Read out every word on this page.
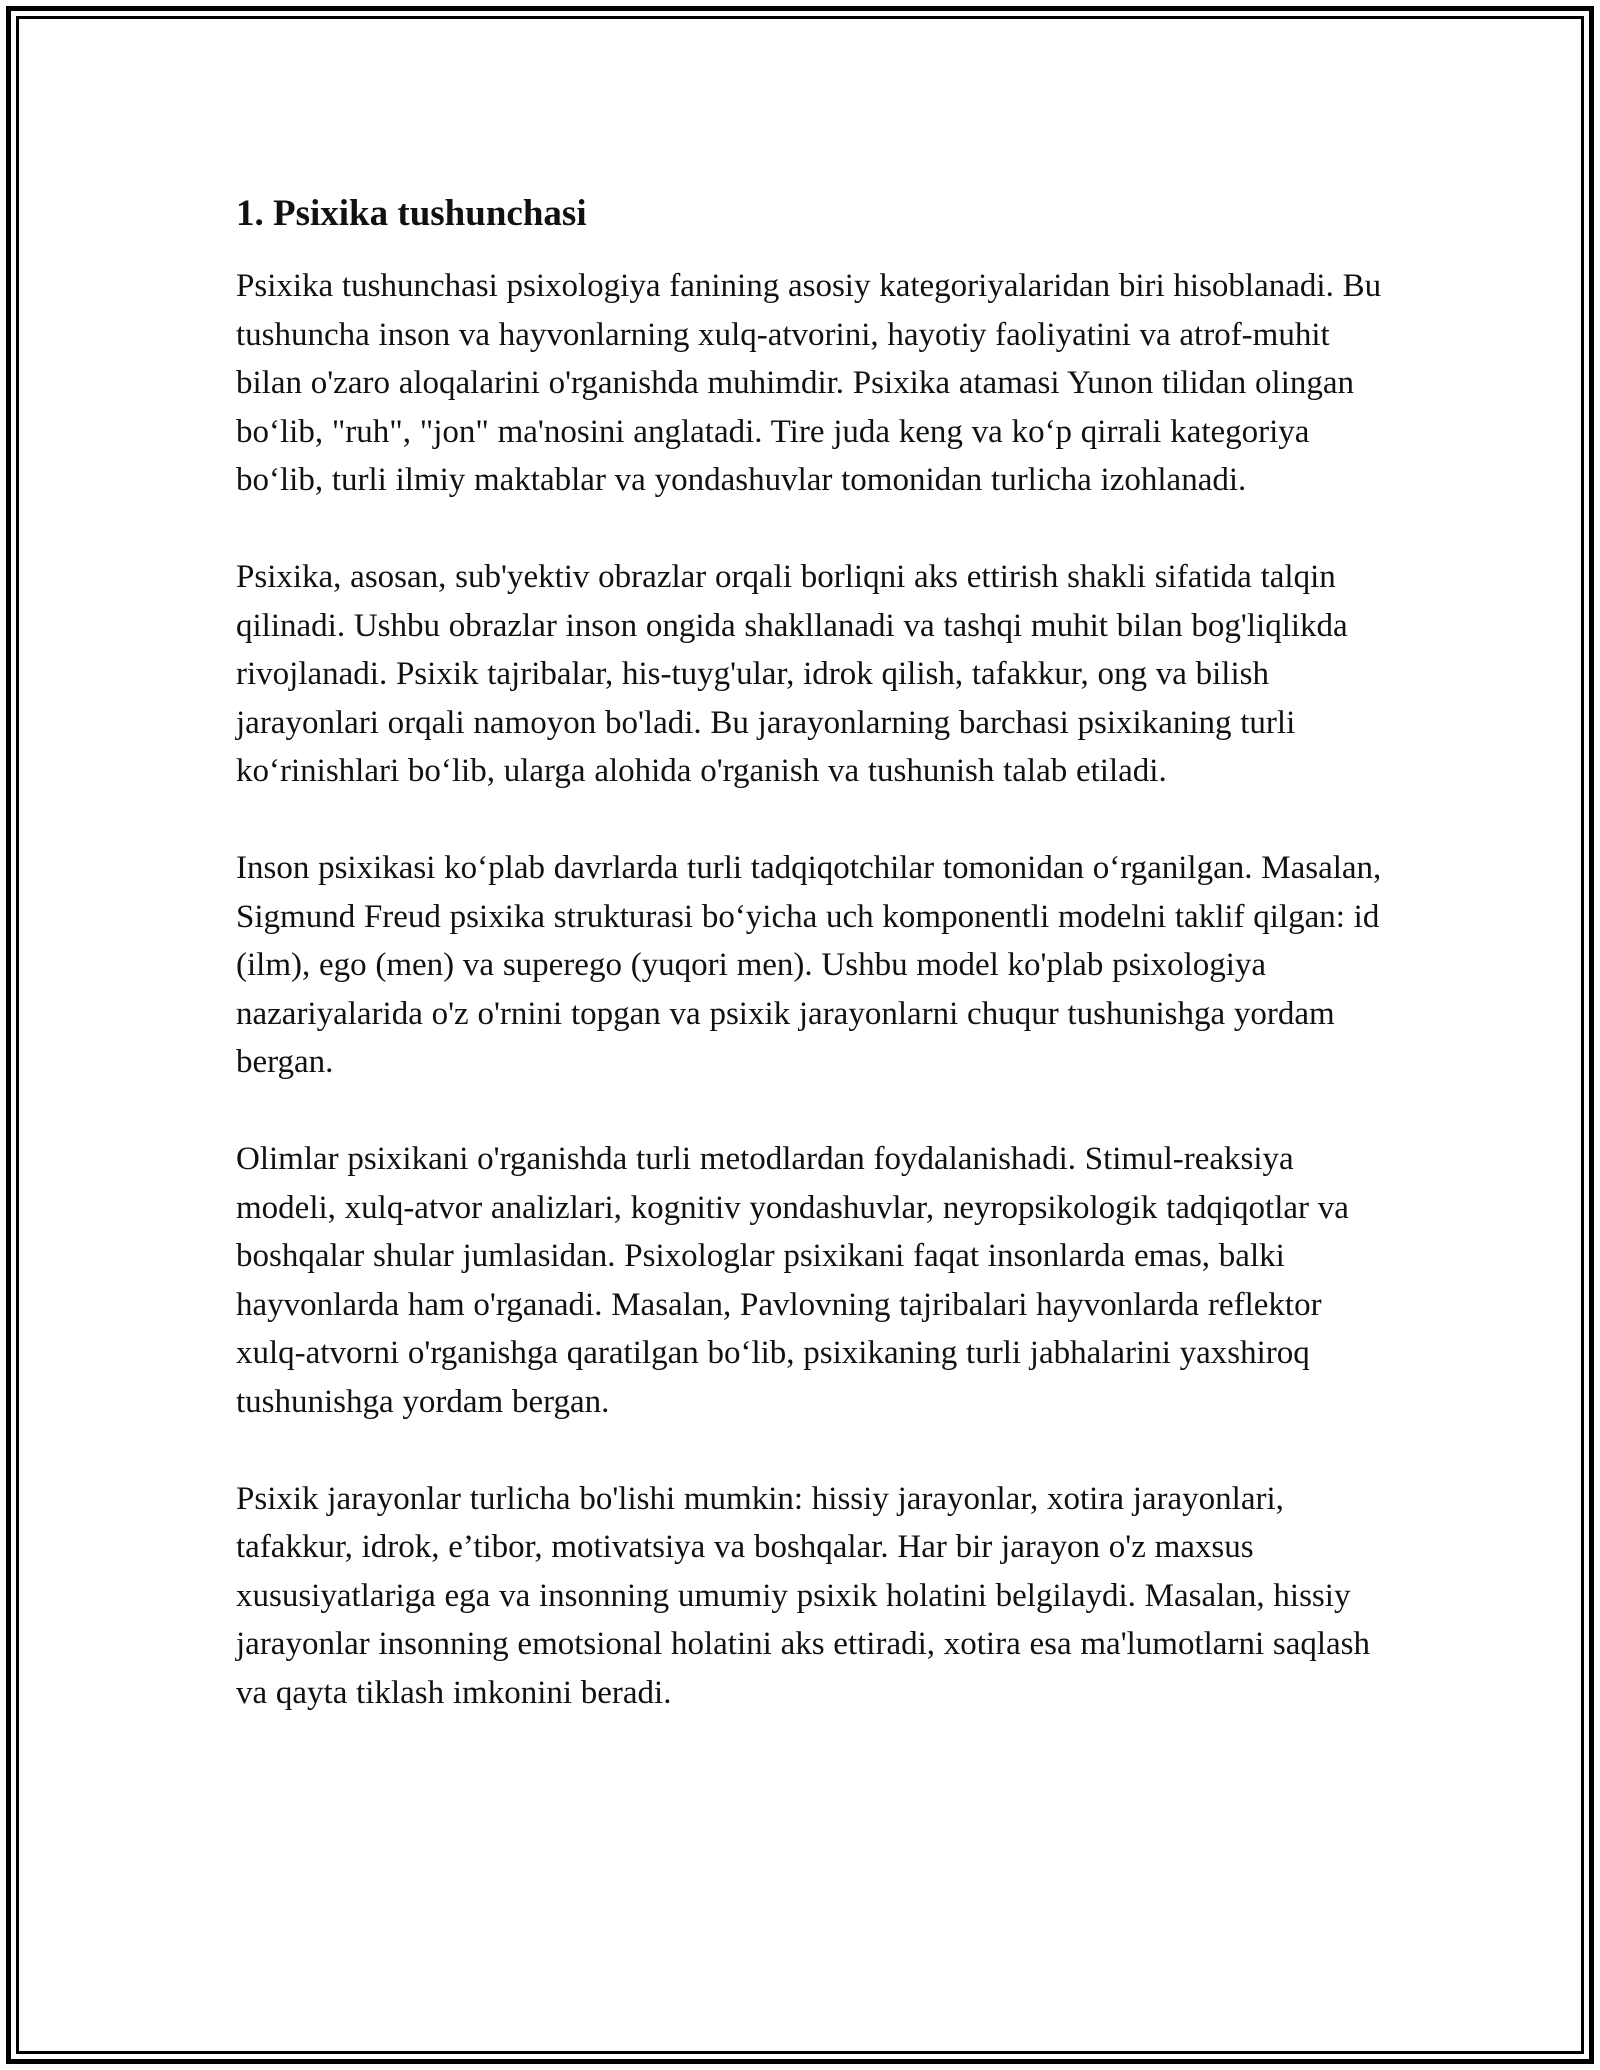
1. Psixika tushunchasi

Psixika tushunchasi psixologiya fanining asosiy kategoriyalaridan biri hisoblanadi. Bu tushuncha inson va hayvonlarning xulq-atvorini, hayotiy faoliyatini va atrof-muhit bilan o'zaro aloqalarini o'rganishda muhimdir. Psixika atamasi Yunon tilidan olingan bo‘lib, "ruh", "jon" ma'nosini anglatadi. Tire juda keng va ko‘p qirrali kategoriya bo‘lib, turli ilmiy maktablar va yondashuvlar tomonidan turlicha izohlanadi.

Psixika, asosan, sub'yektiv obrazlar orqali borliqni aks ettirish shakli sifatida talqin qilinadi. Ushbu obrazlar inson ongida shakllanadi va tashqi muhit bilan bog'liqlikda rivojlanadi. Psixik tajribalar, his-tuyg'ular, idrok qilish, tafakkur, ong va bilish jarayonlari orqali namoyon bo'ladi. Bu jarayonlarning barchasi psixikaning turli ko‘rinishlari bo‘lib, ularga alohida o'rganish va tushunish talab etiladi.

Inson psixikasi ko‘plab davrlarda turli tadqiqotchilar tomonidan o‘rganilgan. Masalan, Sigmund Freud psixika strukturasi bo‘yicha uch komponentli modelni taklif qilgan: id (ilm), ego (men) va superego (yuqori men). Ushbu model ko'plab psixologiya nazariyalarida o'z o'rnini topgan va psixik jarayonlarni chuqur tushunishga yordam bergan.

Olimlar psixikani o'rganishda turli metodlardan foydalanishadi. Stimul-reaksiya modeli, xulq-atvor analizlari, kognitiv yondashuvlar, neyropsikologik tadqiqotlar va boshqalar shular jumlasidan. Psixologlar psixikani faqat insonlarda emas, balki hayvonlarda ham o'rganadi. Masalan, Pavlovning tajribalari hayvonlarda reflektor xulq-atvorni o'rganishga qaratilgan bo‘lib, psixikaning turli jabhalarini yaxshiroq tushunishga yordam bergan.

Psixik jarayonlar turlicha bo'lishi mumkin: hissiy jarayonlar, xotira jarayonlari, tafakkur, idrok, e’tibor, motivatsiya va boshqalar. Har bir jarayon o'z maxsus xususiyatlariga ega va insonning umumiy psixik holatini belgilaydi. Masalan, hissiy jarayonlar insonning emotsional holatini aks ettiradi, xotira esa ma'lumotlarni saqlash va qayta tiklash imkonini beradi.
